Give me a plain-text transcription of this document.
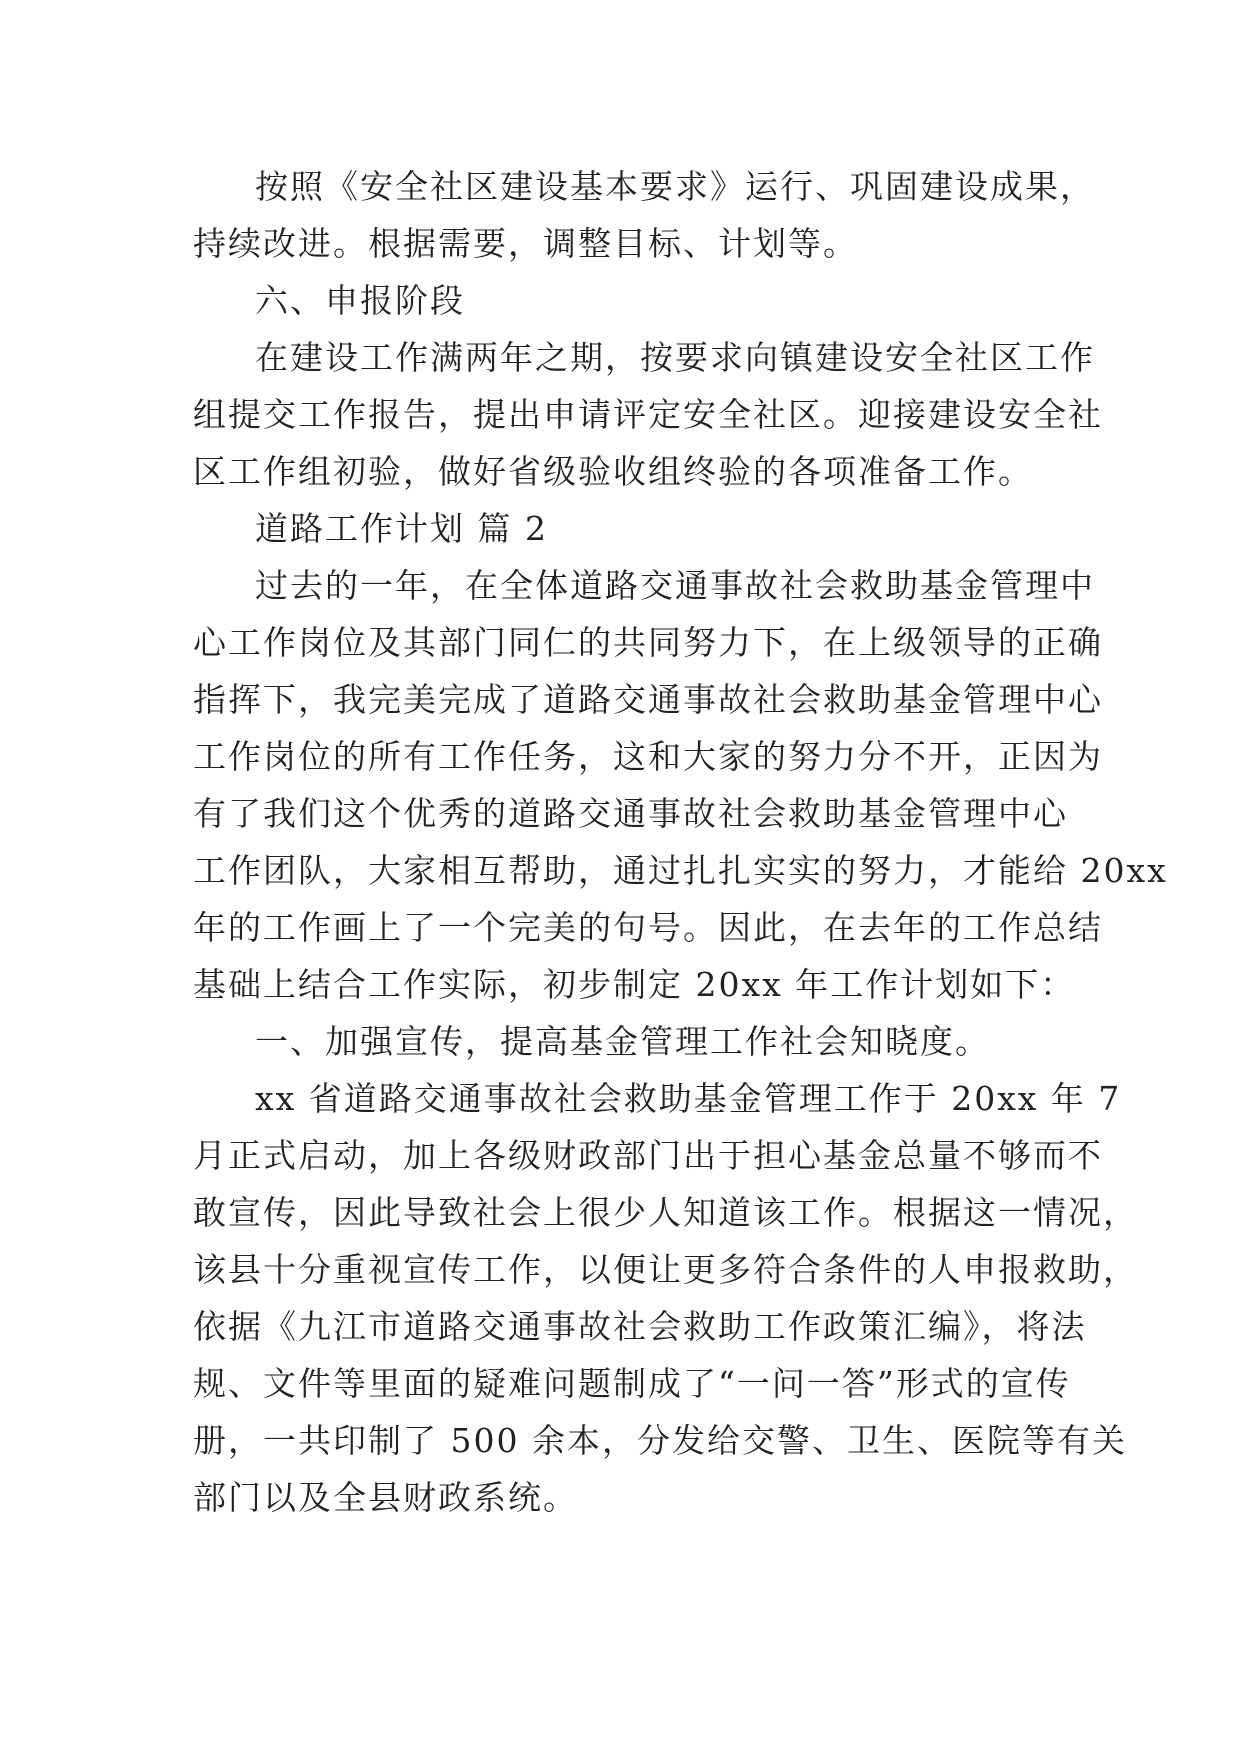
按照《安全社区建设基本要求》运行、巩固建设成果，
持续改进。根据需要，调整目标、计划等。
六、申报阶段
在建设工作满两年之期，按要求向镇建设安全社区工作
组提交工作报告，提出申请评定安全社区。迎接建设安全社
区工作组初验，做好省级验收组终验的各项准备工作。
道路工作计划 篇 2
过去的一年，在全体道路交通事故社会救助基金管理中
心工作岗位及其部门同仁的共同努力下，在上级领导的正确
指挥下，我完美完成了道路交通事故社会救助基金管理中心
工作岗位的所有工作任务，这和大家的努力分不开，正因为
有了我们这个优秀的道路交通事故社会救助基金管理中心
工作团队，大家相互帮助，通过扎扎实实的努力，才能给 20xx
年的工作画上了一个完美的句号。因此，在去年的工作总结
基础上结合工作实际，初步制定 20xx 年工作计划如下：
一、加强宣传，提高基金管理工作社会知晓度。
xx 省道路交通事故社会救助基金管理工作于 20xx 年 7
月正式启动，加上各级财政部门出于担心基金总量不够而不
敢宣传，因此导致社会上很少人知道该工作。根据这一情况，
该县十分重视宣传工作，以便让更多符合条件的人申报救助，
依据《九江市道路交通事故社会救助工作政策汇编》，将法
规、文件等里面的疑难问题制成了“一问一答”形式的宣传
册，一共印制了 500 余本，分发给交警、卫生、医院等有关
部门以及全县财政系统。
